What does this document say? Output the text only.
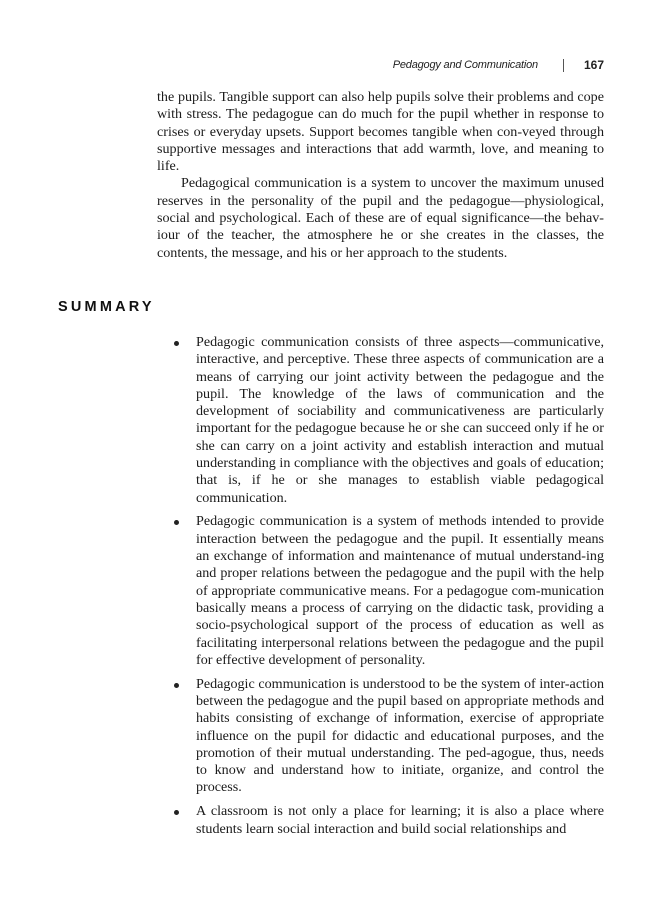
Pedagogy and Communication	167

the pupils. Tangible support can also help pupils solve their problems and cope with stress. The pedagogue can do much for the pupil whether in response to crises or everyday upsets. Support becomes tangible when con-veyed through supportive messages and interactions that add warmth, love, and meaning to life.

Pedagogical communication is a system to uncover the maximum unused reserves in the personality of the pupil and the pedagogue—physiological, social and psychological. Each of these are of equal significance—the behav-iour of the teacher, the atmosphere he or she creates in the classes, the contents, the message, and his or her approach to the students.

SUMMARY
Pedagogic communication consists of three aspects—communicative, interactive, and perceptive. These three aspects of communication are a means of carrying our joint activity between the pedagogue and the pupil. The knowledge of the laws of communication and the development of sociability and communicativeness are particularly important for the pedagogue because he or she can succeed only if he or she can carry on a joint activity and establish interaction and mutual understanding in compliance with the objectives and goals of education; that is, if he or she manages to establish viable pedagogical communication.
Pedagogic communication is a system of methods intended to provide interaction between the pedagogue and the pupil. It essentially means an exchange of information and maintenance of mutual understand-ing and proper relations between the pedagogue and the pupil with the help of appropriate communicative means. For a pedagogue com-munication basically means a process of carrying on the didactic task, providing a socio-psychological support of the process of education as well as facilitating interpersonal relations between the pedagogue and the pupil for effective development of personality.
Pedagogic communication is understood to be the system of inter-action between the pedagogue and the pupil based on appropriate methods and habits consisting of exchange of information, exercise of appropriate influence on the pupil for didactic and educational purposes, and the promotion of their mutual understanding. The ped-agogue, thus, needs to know and understand how to initiate, organize, and control the process.
A classroom is not only a place for learning; it is also a place where students learn social interaction and build social relationships and
